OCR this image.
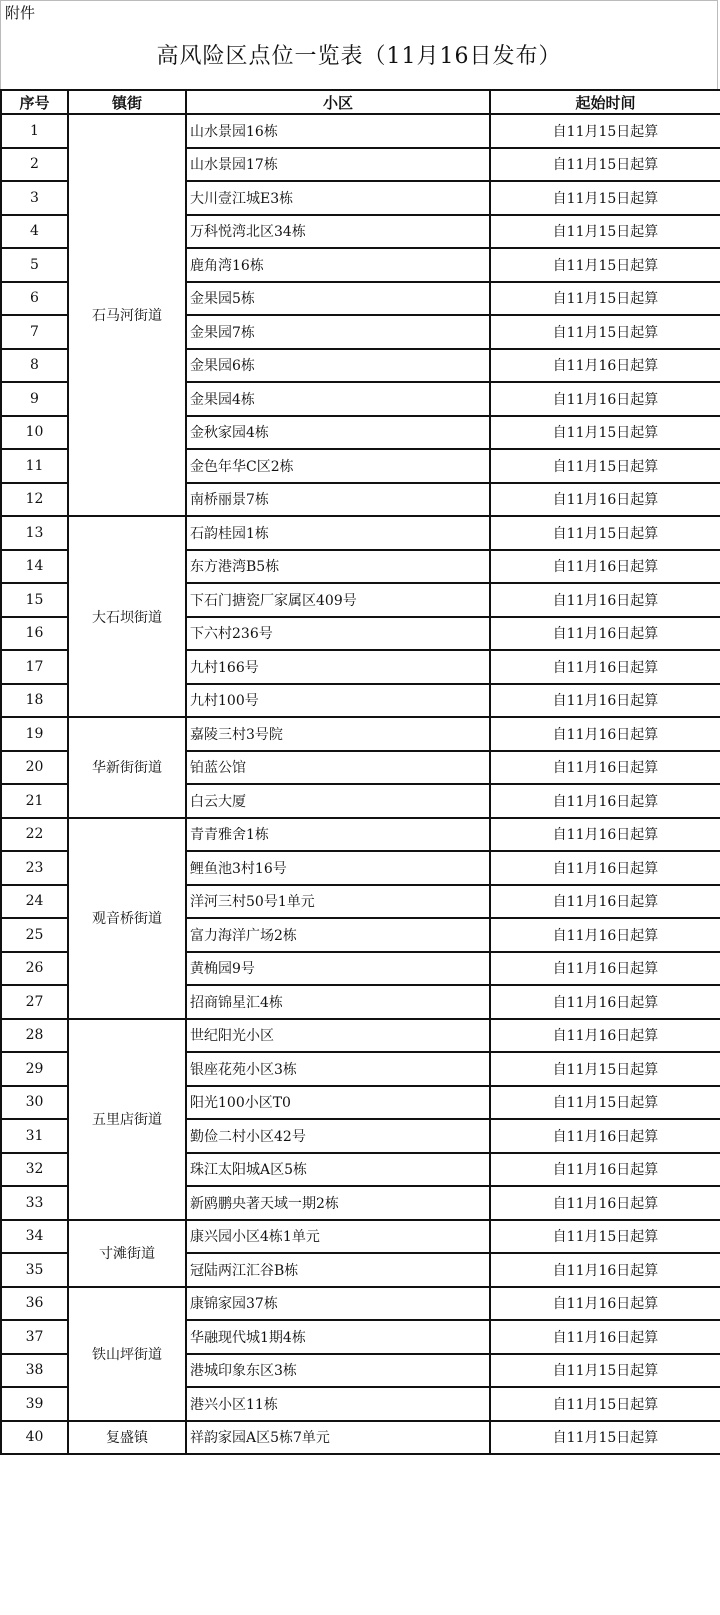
附件
高风险区点位一览表（11月16日发布）
序号	镇街	小区	起始时间
1	石马河街道	山水景园16栋	自11月15日起算
2		山水景园17栋	自11月15日起算
3		大川壹江城E3栋	自11月15日起算
4		万科悦湾北区34栋	自11月15日起算
5		鹿角湾16栋	自11月15日起算
6		金果园5栋	自11月15日起算
7		金果园7栋	自11月15日起算
8		金果园6栋	自11月16日起算
9		金果园4栋	自11月16日起算
10		金秋家园4栋	自11月15日起算
11		金色年华C区2栋	自11月15日起算
12		南桥丽景7栋	自11月16日起算
13	大石坝街道	石韵桂园1栋	自11月15日起算
14		东方港湾B5栋	自11月16日起算
15		下石门搪瓷厂家属区409号	自11月16日起算
16		下六村236号	自11月16日起算
17		九村166号	自11月16日起算
18		九村100号	自11月16日起算
19	华新街街道	嘉陵三村3号院	自11月16日起算
20		铂蓝公馆	自11月16日起算
21		白云大厦	自11月16日起算
22	观音桥街道	青青雅舍1栋	自11月16日起算
23		鲤鱼池3村16号	自11月16日起算
24		洋河三村50号1单元	自11月16日起算
25		富力海洋广场2栋	自11月16日起算
26		黄桷园9号	自11月16日起算
27		招商锦星汇4栋	自11月16日起算
28	五里店街道	世纪阳光小区	自11月16日起算
29		银座花苑小区3栋	自11月15日起算
30		阳光100小区T0	自11月15日起算
31		勤俭二村小区42号	自11月16日起算
32		珠江太阳城A区5栋	自11月16日起算
33		新鸥鹏央著天域一期2栋	自11月16日起算
34	寸滩街道	康兴园小区4栋1单元	自11月15日起算
35		冠陆两江汇谷B栋	自11月16日起算
36	铁山坪街道	康锦家园37栋	自11月16日起算
37		华融现代城1期4栋	自11月16日起算
38		港城印象东区3栋	自11月15日起算
39		港兴小区11栋	自11月15日起算
40	复盛镇	祥韵家园A区5栋7单元	自11月15日起算
